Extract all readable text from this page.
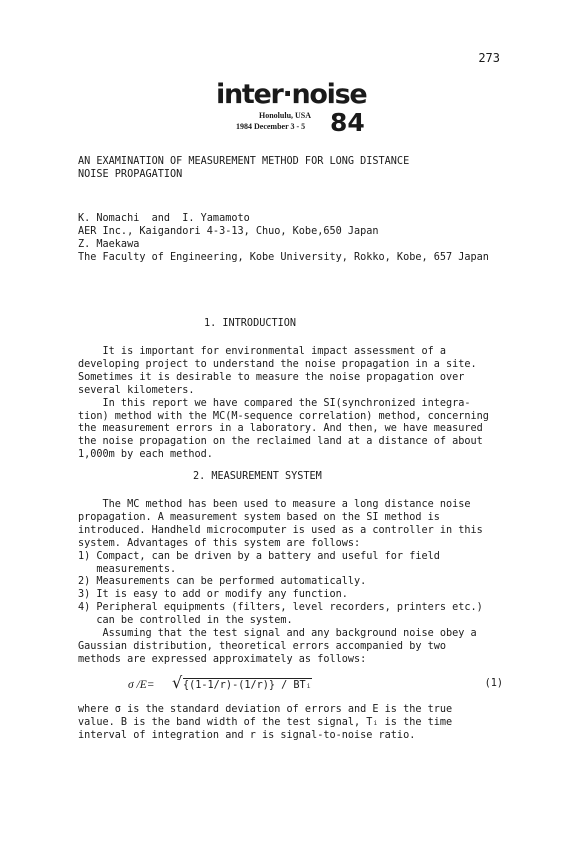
273
inter·noise
Honolulu, USA
1984 December 3 - 5 84
AN EXAMINATION OF MEASUREMENT METHOD FOR LONG DISTANCE
NOISE PROPAGATION
K. Nomachi  and  I. Yamamoto
AER Inc., Kaigandori 4-3-13, Chuo, Kobe,650 Japan
Z. Maekawa
The Faculty of Engineering, Kobe University, Rokko, Kobe, 657 Japan
1. INTRODUCTION
It is important for environmental impact assessment of a
developing project to understand the noise propagation in a site.
Sometimes it is desirable to measure the noise propagation over
several kilometers.
In this report we have compared the SI(synchronized integra-
tion) method with the MC(M-sequence correlation) method, concerning
the measurement errors in a laboratory. And then, we have measured
the noise propagation on the reclaimed land at a distance of about
1,000m by each method.
2. MEASUREMENT SYSTEM
The MC method has been used to measure a long distance noise
propagation. A measurement system based on the SI method is
introduced. Handheld microcomputer is used as a controller in this
system. Advantages of this system are follows:
1) Compact, can be driven by a battery and useful for field
measurements.
2) Measurements can be performed automatically.
3) It is easy to add or modify any function.
4) Peripheral equipments (filters, level recorders, printers etc.)
can be controlled in the system.
Assuming that the test signal and any background noise obey a
Gaussian distribution, theoretical errors accompanied by two
methods are expressed approximately as follows:
σ /E= √ {(1-1/r)-(1/r)} / BTᵢ	(1)
where σ is the standard deviation of errors and E is the true
value. B is the band width of the test signal, Tᵢ is the time
interval of integration and r is signal-to-noise ratio.
